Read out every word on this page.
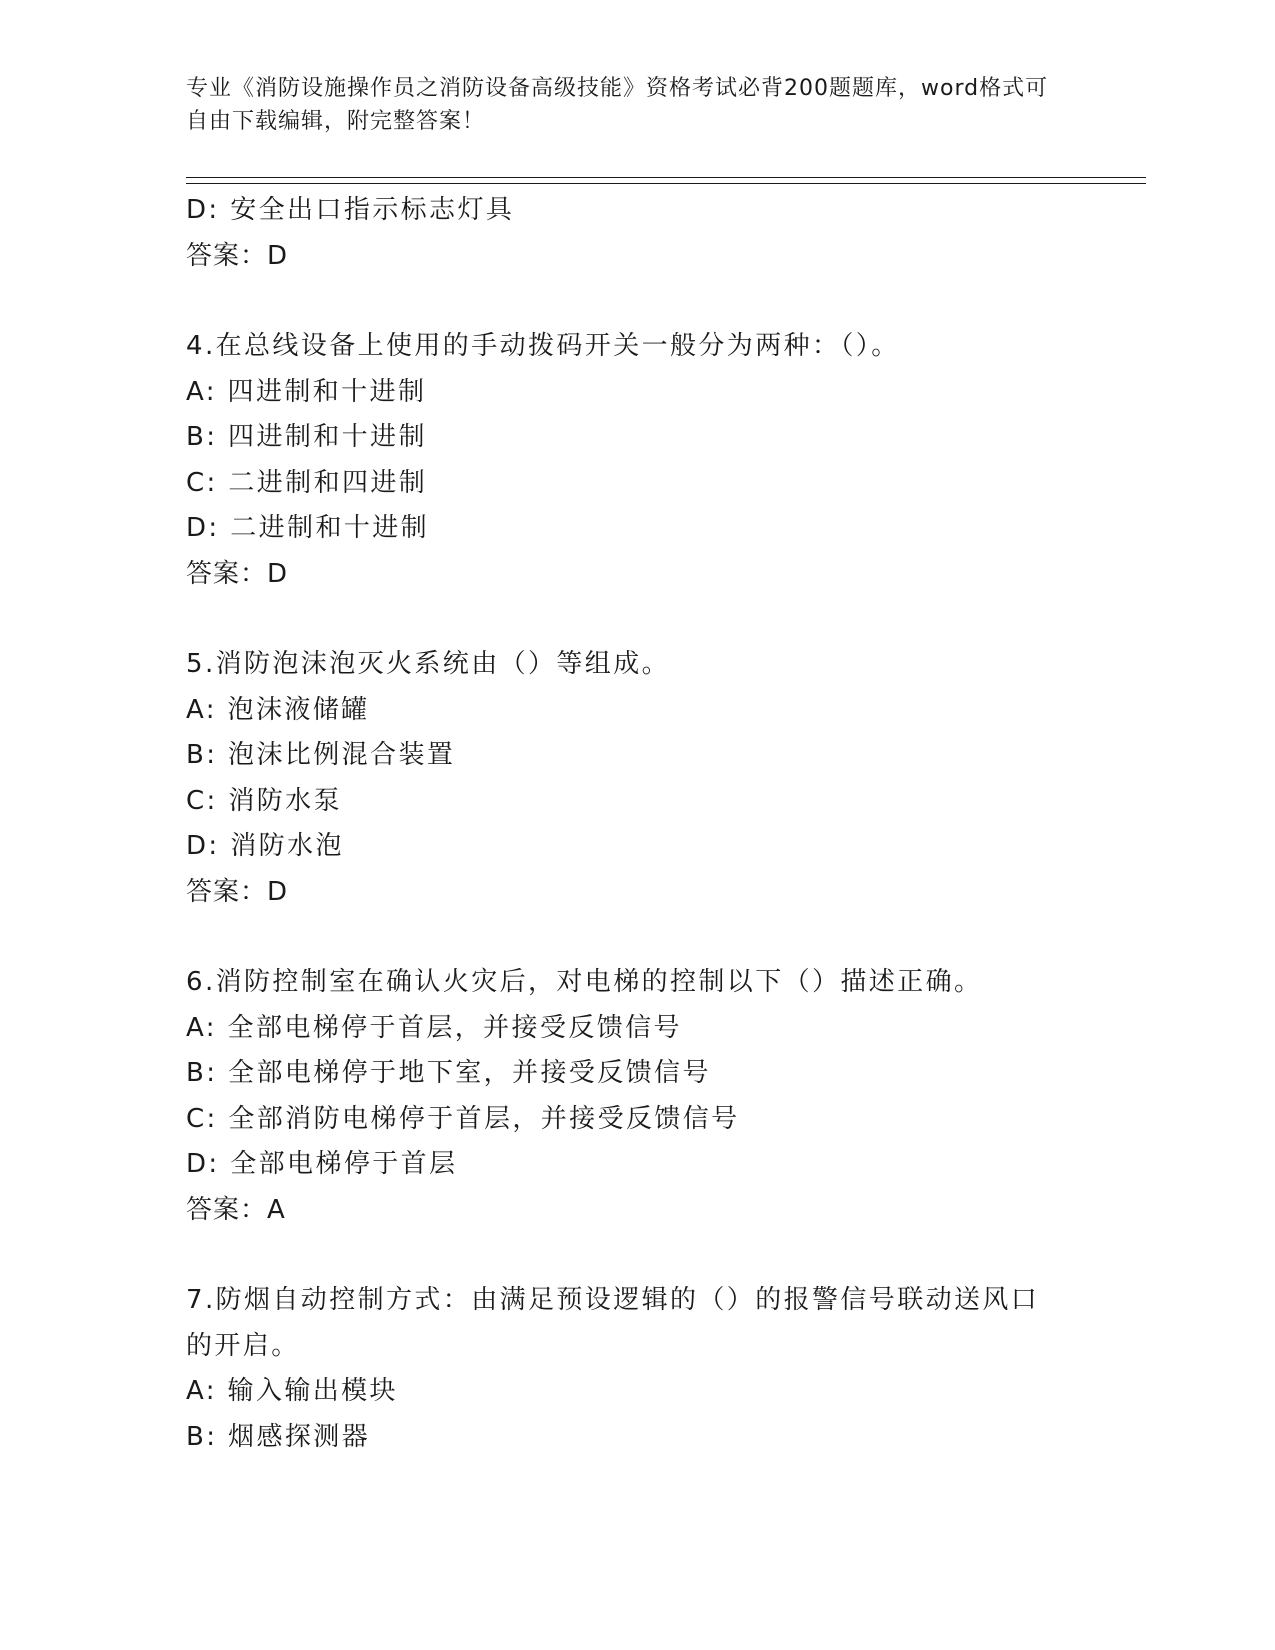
专业《消防设施操作员之消防设备高级技能》资格考试必背200题题库，word格式可自由下载编辑，附完整答案！
D: 安全出口指示标志灯具
答案：D
4.在总线设备上使用的手动拨码开关一般分为两种：（）。
A: 四进制和十进制
B: 四进制和十进制
C: 二进制和四进制
D: 二进制和十进制
答案：D
5.消防泡沫泡灭火系统由（）等组成。
A: 泡沫液储罐
B: 泡沫比例混合装置
C: 消防水泵
D: 消防水泡
答案：D
6.消防控制室在确认火灾后，对电梯的控制以下（）描述正确。
A: 全部电梯停于首层，并接受反馈信号
B: 全部电梯停于地下室，并接受反馈信号
C: 全部消防电梯停于首层，并接受反馈信号
D: 全部电梯停于首层
答案：A
7.防烟自动控制方式：由满足预设逻辑的（）的报警信号联动送风口的开启。
A: 输入输出模块
B: 烟感探测器
